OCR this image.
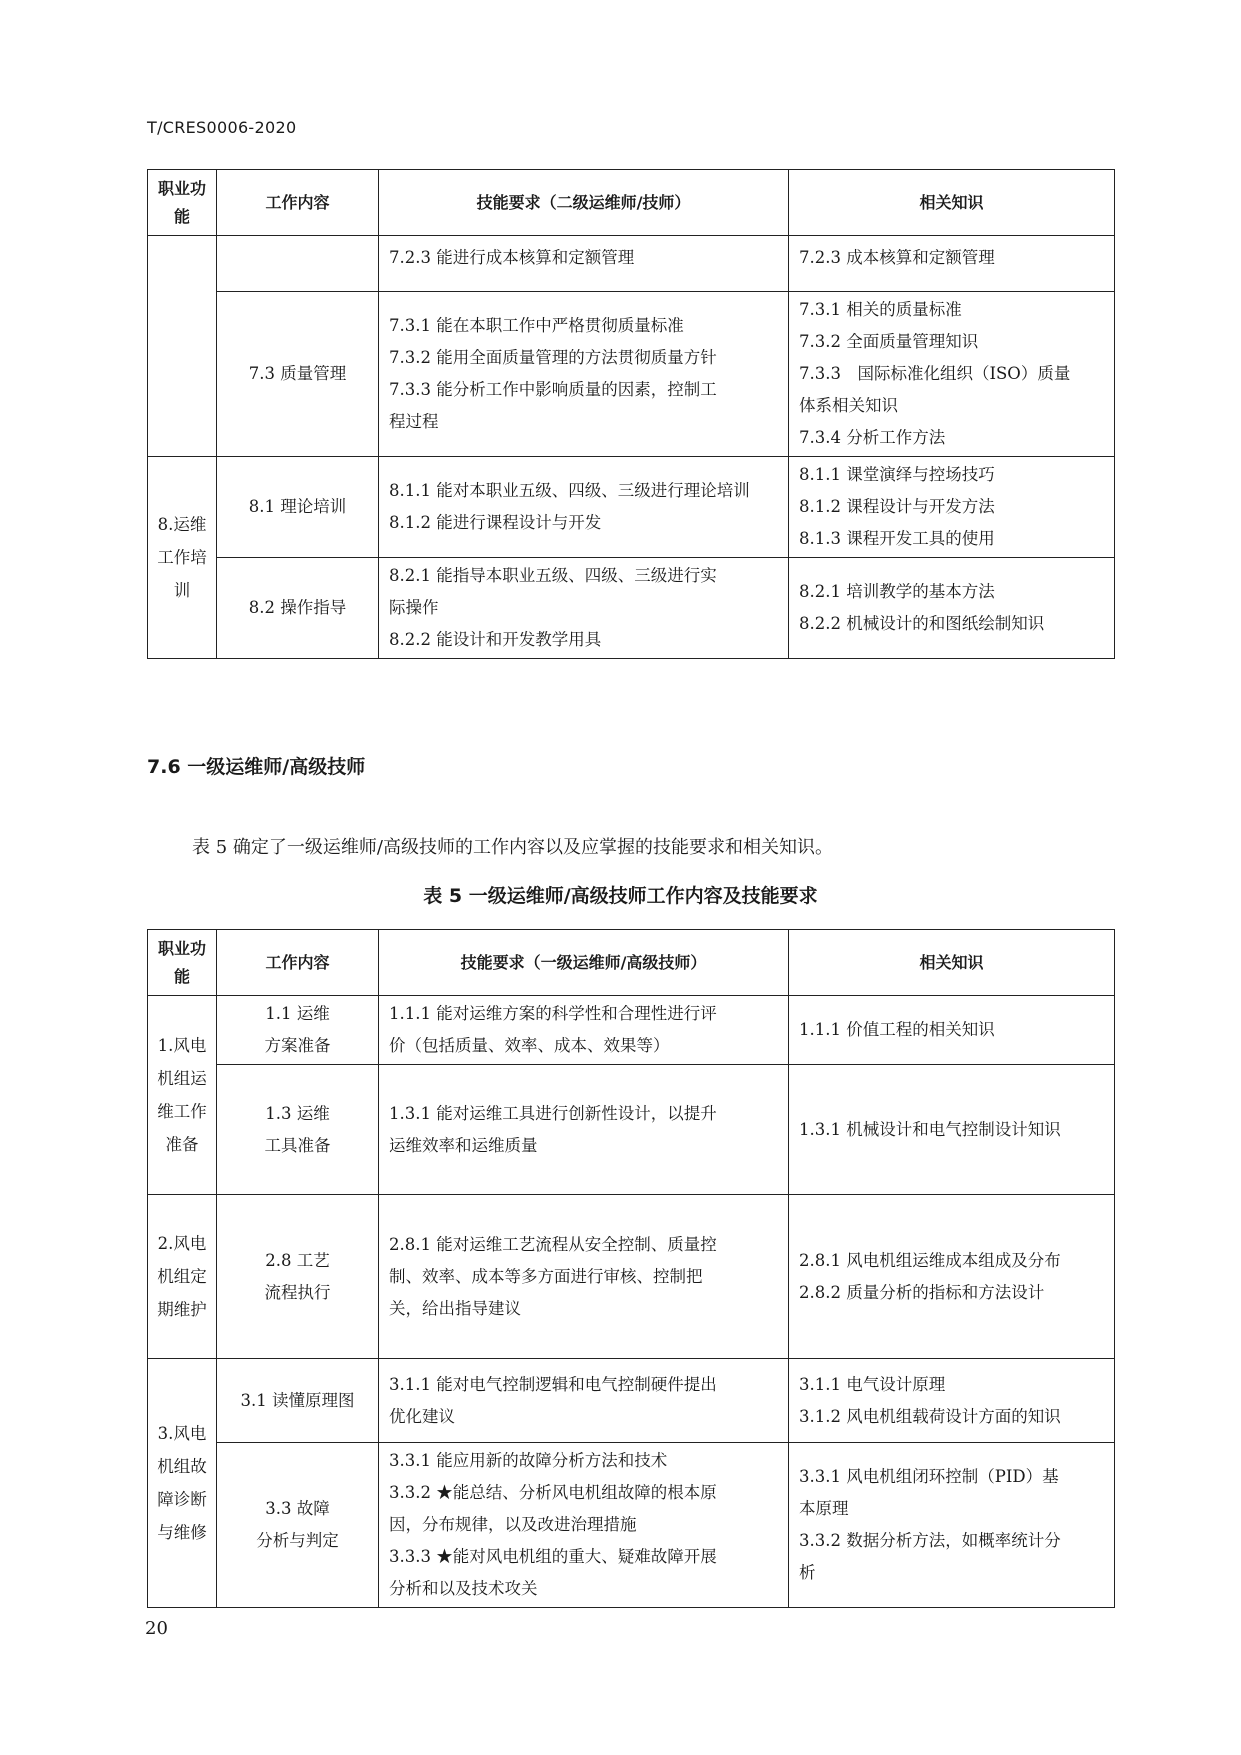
T/CRES0006-2020
职业功能	工作内容	技能要求（二级运维师/技师）	相关知识

		7.2.3 能进行成本核算和定额管理	7.2.3 成本核算和定额管理

	7.3 质量管理	7.3.1 能在本职工作中严格贯彻质量标准
7.3.2 能用全面质量管理的方法贯彻质量方针
7.3.3 能分析工作中影响质量的因素，控制工
程过程	7.3.1 相关的质量标准
7.3.2 全面质量管理知识
7.3.3　国际标准化组织（ISO）质量
体系相关知识
7.3.4 分析工作方法

8.运维工作培训	8.1 理论培训	8.1.1 能对本职业五级、四级、三级进行理论培训
8.1.2 能进行课程设计与开发	8.1.1 课堂演绎与控场技巧
8.1.2 课程设计与开发方法
8.1.3 课程开发工具的使用

	8.2 操作指导	8.2.1 能指导本职业五级、四级、三级进行实
际操作
8.2.2 能设计和开发教学用具	8.2.1 培训教学的基本方法
8.2.2 机械设计的和图纸绘制知识
7.6 一级运维师/高级技师
表 5 确定了一级运维师/高级技师的工作内容以及应掌握的技能要求和相关知识。
表 5 一级运维师/高级技师工作内容及技能要求
职业功能	工作内容	技能要求（一级运维师/高级技师）	相关知识
1.风电机组运维工作准备	1.1 运维
方案准备	1.1.1 能对运维方案的科学性和合理性进行评
价（包括质量、效率、成本、效果等）	1.1.1 价值工程的相关知识

	1.3 运维
工具准备	1.3.1 能对运维工具进行创新性设计，以提升
运维效率和运维质量	1.3.1 机械设计和电气控制设计知识

2.风电机组定期维护	2.8 工艺
流程执行	2.8.1 能对运维工艺流程从安全控制、质量控
制、效率、成本等多方面进行审核、控制把
关，给出指导建议	2.8.1 风电机组运维成本组成及分布
2.8.2 质量分析的指标和方法设计

3.风电机组故障诊断与维修	3.1 读懂原理图	3.1.1 能对电气控制逻辑和电气控制硬件提出
优化建议	3.1.1 电气设计原理
3.1.2 风电机组载荷设计方面的知识

	3.3 故障
分析与判定	3.3.1 能应用新的故障分析方法和技术
3.3.2 ★能总结、分析风电机组故障的根本原
因，分布规律，以及改进治理措施
3.3.3 ★能对风电机组的重大、疑难故障开展
分析和以及技术攻关	3.3.1 风电机组闭环控制（PID）基
本原理
3.3.2 数据分析方法，如概率统计分
析
20
